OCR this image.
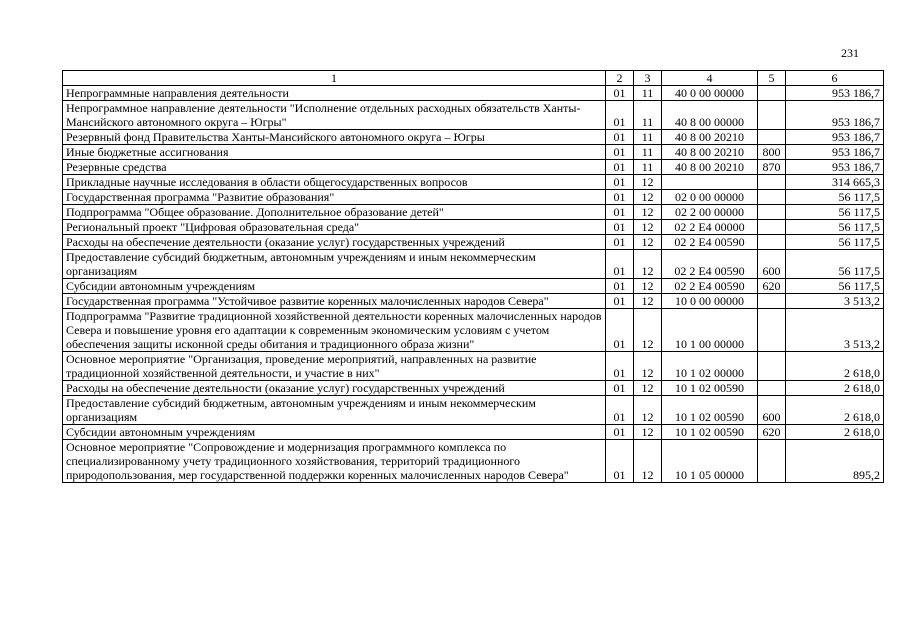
231
1	2	3	4	5	6
Непрограммные направления деятельности	01	11	40 0 00 00000		953 186,7
Непрограммное направление деятельности "Исполнение отдельных расходных обязательств Ханты-Мансийского автономного округа – Югры"	01	11	40 8 00 00000		953 186,7
Резервный фонд Правительства Ханты-Мансийского автономного округа – Югры	01	11	40 8 00 20210		953 186,7
Иные бюджетные ассигнования	01	11	40 8 00 20210	800	953 186,7
Резервные средства	01	11	40 8 00 20210	870	953 186,7
Прикладные научные исследования в области общегосударственных вопросов	01	12			314 665,3
Государственная программа "Развитие образования"	01	12	02 0 00 00000		56 117,5
Подпрограмма "Общее образование. Дополнительное образование детей"	01	12	02 2 00 00000		56 117,5
Региональный проект "Цифровая образовательная среда"	01	12	02 2 E4 00000		56 117,5
Расходы на обеспечение деятельности (оказание услуг) государственных учреждений	01	12	02 2 E4 00590		56 117,5
Предоставление субсидий бюджетным, автономным учреждениям и иным некоммерческим организациям	01	12	02 2 E4 00590	600	56 117,5
Субсидии автономным учреждениям	01	12	02 2 E4 00590	620	56 117,5
Государственная программа "Устойчивое развитие коренных малочисленных народов Севера"	01	12	10 0 00 00000		3 513,2
Подпрограмма "Развитие традиционной хозяйственной деятельности коренных малочисленных народов Севера и повышение уровня его адаптации к современным экономическим условиям с учетом обеспечения защиты исконной среды обитания и традиционного образа жизни"	01	12	10 1 00 00000		3 513,2
Основное мероприятие "Организация, проведение мероприятий, направленных на развитие традиционной хозяйственной деятельности, и участие в них"	01	12	10 1 02 00000		2 618,0
Расходы на обеспечение деятельности (оказание услуг) государственных учреждений	01	12	10 1 02 00590		2 618,0
Предоставление субсидий бюджетным, автономным учреждениям и иным некоммерческим организациям	01	12	10 1 02 00590	600	2 618,0
Субсидии автономным учреждениям	01	12	10 1 02 00590	620	2 618,0
Основное мероприятие "Сопровождение и модернизация программного комплекса по специализированному учету традиционного хозяйствования, территорий традиционного природопользования, мер государственной поддержки коренных малочисленных народов Севера"	01	12	10 1 05 00000		895,2
